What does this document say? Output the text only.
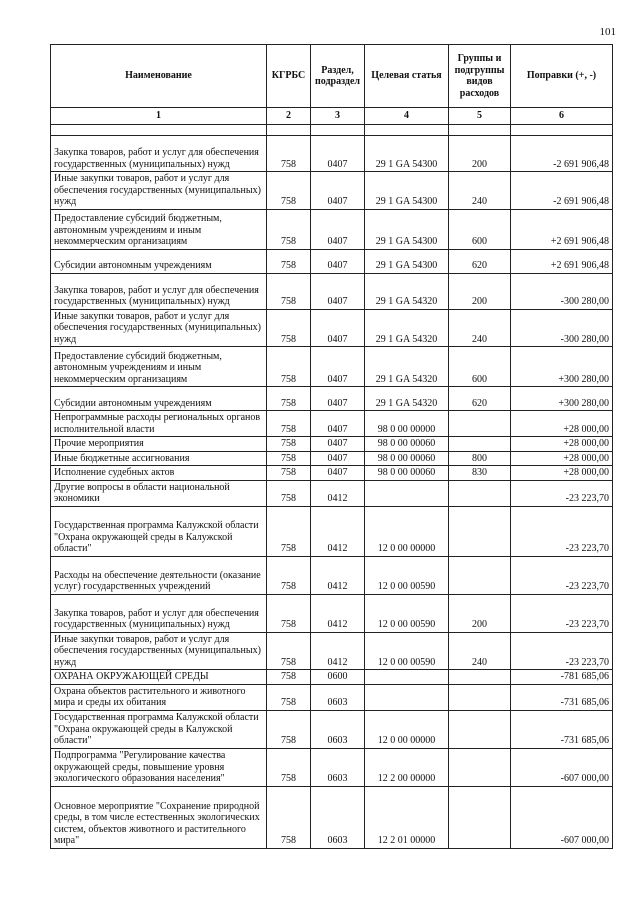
101
Наименование	КГРБС	Раздел, подраздел	Целевая статья	Группы и подгруппы видов расходов	Поправки (+, -)
1	2	3	4	5	6

Закупка товаров, работ и услуг для обеспечения государственных (муниципальных) нужд	758	0407	29 1 GA 54300	200	-2 691 906,48
Иные закупки товаров, работ и услуг для обеспечения государственных (муниципальных) нужд	758	0407	29 1 GA 54300	240	-2 691 906,48
Предоставление субсидий бюджетным, автономным учреждениям и иным некоммерческим организациям	758	0407	29 1 GA 54300	600	+2 691 906,48
Субсидии автономным учреждениям	758	0407	29 1 GA 54300	620	+2 691 906,48
Закупка товаров, работ и услуг для обеспечения государственных (муниципальных) нужд	758	0407	29 1 GA 54320	200	-300 280,00
Иные закупки товаров, работ и услуг для обеспечения государственных (муниципальных) нужд	758	0407	29 1 GA 54320	240	-300 280,00
Предоставление субсидий бюджетным, автономным учреждениям и иным некоммерческим организациям	758	0407	29 1 GA 54320	600	+300 280,00
Субсидии автономным учреждениям	758	0407	29 1 GA 54320	620	+300 280,00
Непрограммные расходы региональных органов исполнительной власти	758	0407	98 0 00 00000		+28 000,00
Прочие мероприятия	758	0407	98 0 00 00060		+28 000,00
Иные бюджетные ассигнования	758	0407	98 0 00 00060	800	+28 000,00
Исполнение судебных актов	758	0407	98 0 00 00060	830	+28 000,00
Другие вопросы в области национальной экономики	758	0412			-23 223,70
Государственная программа Калужской области "Охрана окружающей среды в Калужской области"	758	0412	12 0 00 00000		-23 223,70
Расходы на обеспечение деятельности (оказание услуг) государственных учреждений	758	0412	12 0 00 00590		-23 223,70
Закупка товаров, работ и услуг для обеспечения государственных (муниципальных) нужд	758	0412	12 0 00 00590	200	-23 223,70
Иные закупки товаров, работ и услуг для обеспечения государственных (муниципальных) нужд	758	0412	12 0 00 00590	240	-23 223,70
ОХРАНА ОКРУЖАЮЩЕЙ СРЕДЫ	758	0600			-781 685,06
Охрана объектов растительного и животного мира и среды их обитания	758	0603			-731 685,06
Государственная программа Калужской области "Охрана окружающей среды в Калужской области"	758	0603	12 0 00 00000		-731 685,06
Подпрограмма "Регулирование качества окружающей среды, повышение уровня экологического образования населения"	758	0603	12 2 00 00000		-607 000,00
Основное мероприятие "Сохранение природной среды, в том числе естественных экологических систем, объектов животного и растительного мира"	758	0603	12 2 01 00000		-607 000,00
